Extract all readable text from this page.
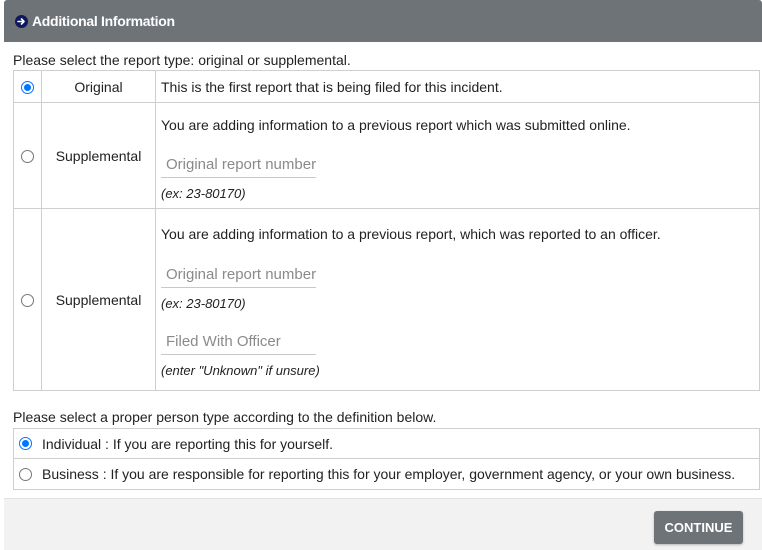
Additional Information
Please select the report type: original or supplemental.
	Original	This is the first report that is being filed for this incident.
	Supplemental	You are adding information to a previous report which was submitted online.
Original report number
(ex: 23-80170)

	Supplemental	You are adding information to a previous report, which was reported to an officer.
Original report number
(ex: 23-80170)
Filed With Officer
(enter "Unknown" if unsure)
Please select a proper person type according to the definition below.
Individual : If you are reporting this for yourself.
Business : If you are responsible for reporting this for your employer, government agency, or your own business.
CONTINUE
